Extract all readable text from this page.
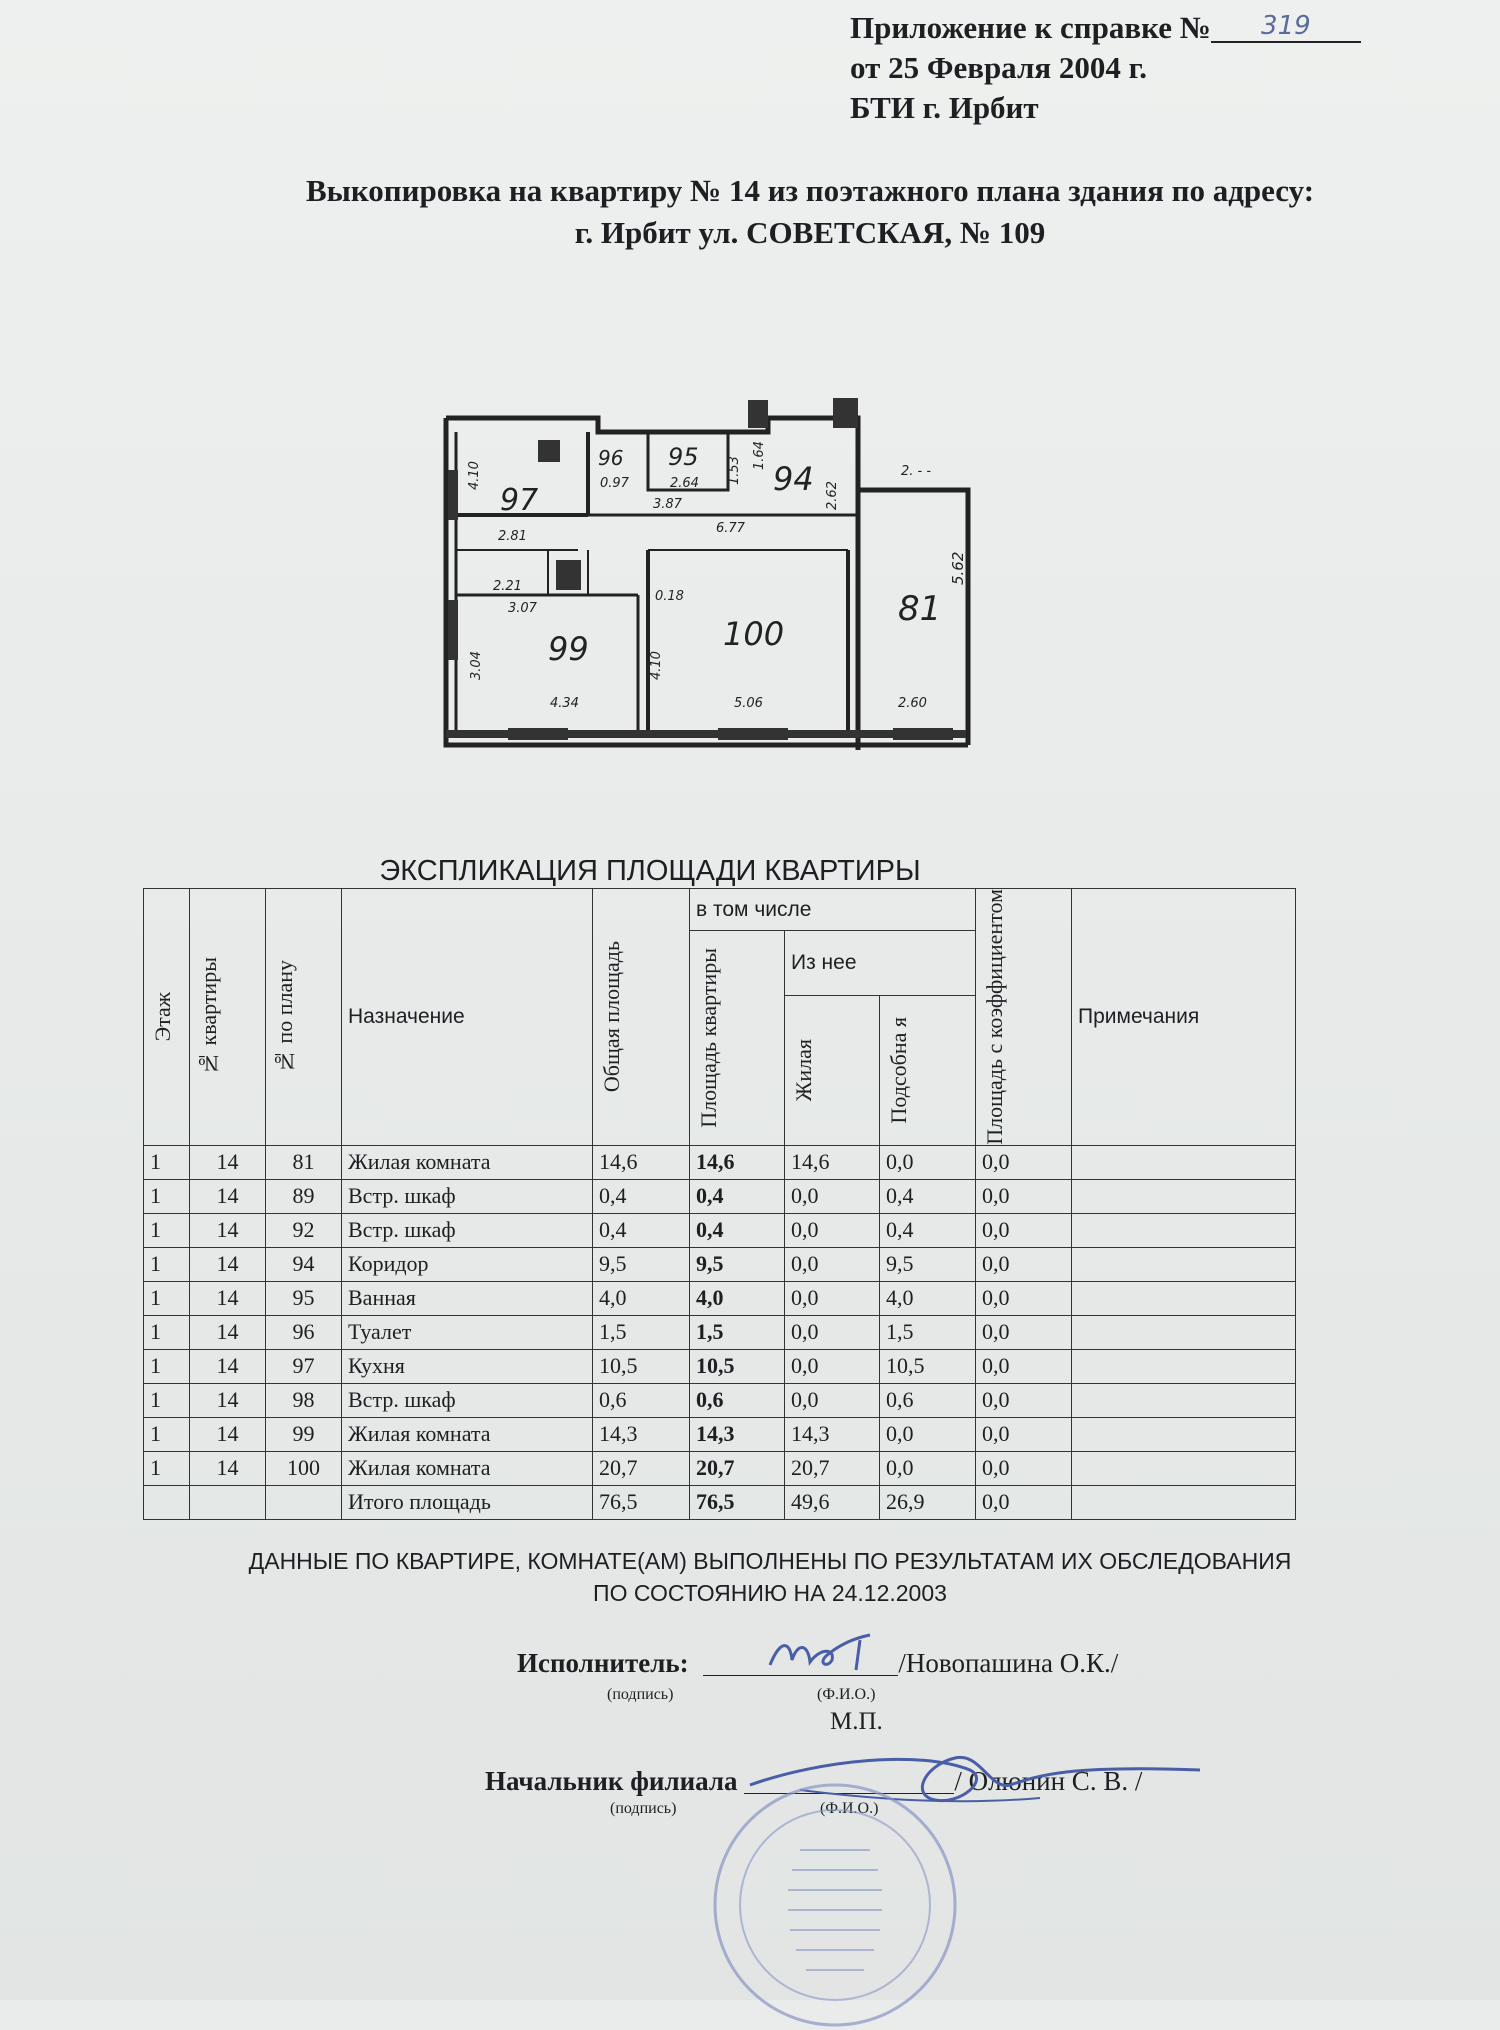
Приложение к справке № 319
от 25 Февраля 2004 г.
БТИ г. Ирбит
Выкопировка на квартиру № 14 из поэтажного плана здания по адресу:
г. Ирбит ул. СОВЕТСКАЯ, № 109
97
96 95
94
81
99	100
2.81
0.97	2.64
3.87
6.77
2.21
3.07
4.34	5.06	2.60
0.18
2. - -
4.10
3.04	4.10
2.62
1.53
1.64
5.62
ЭКСПЛИКАЦИЯ ПЛОЩАДИ КВАРТИРЫ
Этаж	№ квартиры	№ по плану	Назначение	Общая площадь	в том числе			Площадь с коэффициентом	Примечания

					Площадь квартиры	Из нее			

						Жилая	Подсобна я		

1	14	81	Жилая комната	14,6	14,6	14,6	0,0	0,0	
1	14	89	Встр. шкаф	0,4	0,4	0,0	0,4	0,0	
1	14	92	Встр. шкаф	0,4	0,4	0,0	0,4	0,0	
1	14	94	Коридор	9,5	9,5	0,0	9,5	0,0	
1	14	95	Ванная	4,0	4,0	0,0	4,0	0,0	
1	14	96	Туалет	1,5	1,5	0,0	1,5	0,0	
1	14	97	Кухня	10,5	10,5	0,0	10,5	0,0	
1	14	98	Встр. шкаф	0,6	0,6	0,0	0,6	0,0	
1	14	99	Жилая комната	14,3	14,3	14,3	0,0	0,0	
1	14	100	Жилая комната	20,7	20,7	20,7	0,0	0,0	
			Итого площадь	76,5	76,5	49,6	26,9	0,0	
ДАННЫЕ ПО КВАРТИРЕ, КОМНАТЕ(АМ) ВЫПОЛНЕНЫ ПО РЕЗУЛЬТАТАМ ИХ ОБСЛЕДОВАНИЯ
ПО СОСТОЯНИЮ НА 24.12.2003
Исполнитель:	/Новопашина О.К./
(подпись)	(Ф.И.О.)
М.П.
Начальник филиала	/ Олюнин С. В. /
(подпись)	(Ф.И.О.)
